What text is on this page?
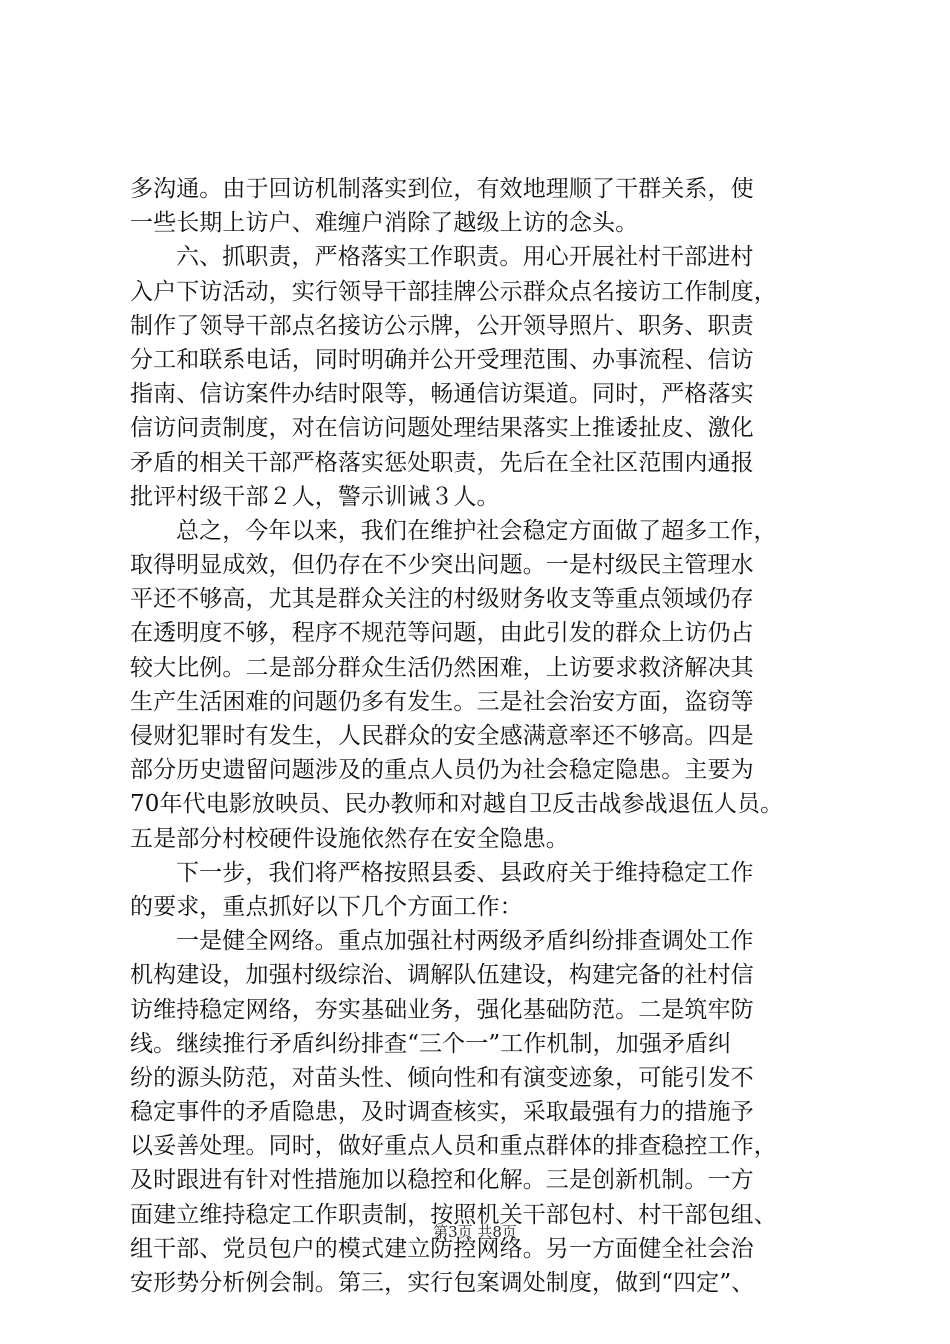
多沟通。由于回访机制落实到位，有效地理顺了干群关系，使
一些长期上访户、难缠户消除了越级上访的念头。
六、抓职责，严格落实工作职责。用心开展社村干部进村
入户下访活动，实行领导干部挂牌公示群众点名接访工作制度，
制作了领导干部点名接访公示牌，公开领导照片、职务、职责
分工和联系电话，同时明确并公开受理范围、办事流程、信访
指南、信访案件办结时限等，畅通信访渠道。同时，严格落实
信访问责制度，对在信访问题处理结果落实上推诿扯皮、激化
矛盾的相关干部严格落实惩处职责，先后在全社区范围内通报
批评村级干部２人，警示训诫３人。
总之，今年以来，我们在维护社会稳定方面做了超多工作，
取得明显成效，但仍存在不少突出问题。一是村级民主管理水
平还不够高，尤其是群众关注的村级财务收支等重点领域仍存
在透明度不够，程序不规范等问题，由此引发的群众上访仍占
较大比例。二是部分群众生活仍然困难，上访要求救济解决其
生产生活困难的问题仍多有发生。三是社会治安方面，盗窃等
侵财犯罪时有发生，人民群众的安全感满意率还不够高。四是
部分历史遗留问题涉及的重点人员仍为社会稳定隐患。主要为
70年代电影放映员、民办教师和对越自卫反击战参战退伍人员。
五是部分村校硬件设施依然存在安全隐患。
下一步，我们将严格按照县委、县政府关于维持稳定工作
的要求，重点抓好以下几个方面工作：
一是健全网络。重点加强社村两级矛盾纠纷排查调处工作
机构建设，加强村级综治、调解队伍建设，构建完备的社村信
访维持稳定网络，夯实基础业务，强化基础防范。二是筑牢防
线。继续推行矛盾纠纷排查“三个一”工作机制，加强矛盾纠
纷的源头防范，对苗头性、倾向性和有演变迹象，可能引发不
稳定事件的矛盾隐患，及时调查核实，采取最强有力的措施予
以妥善处理。同时，做好重点人员和重点群体的排查稳控工作，
及时跟进有针对性措施加以稳控和化解。三是创新机制。一方
面建立维持稳定工作职责制，按照机关干部包村、村干部包组、
组干部、党员包户的模式建立防控网络。另一方面健全社会治
安形势分析例会制。第三，实行包案调处制度，做到“四定”、
第3页 共8页
